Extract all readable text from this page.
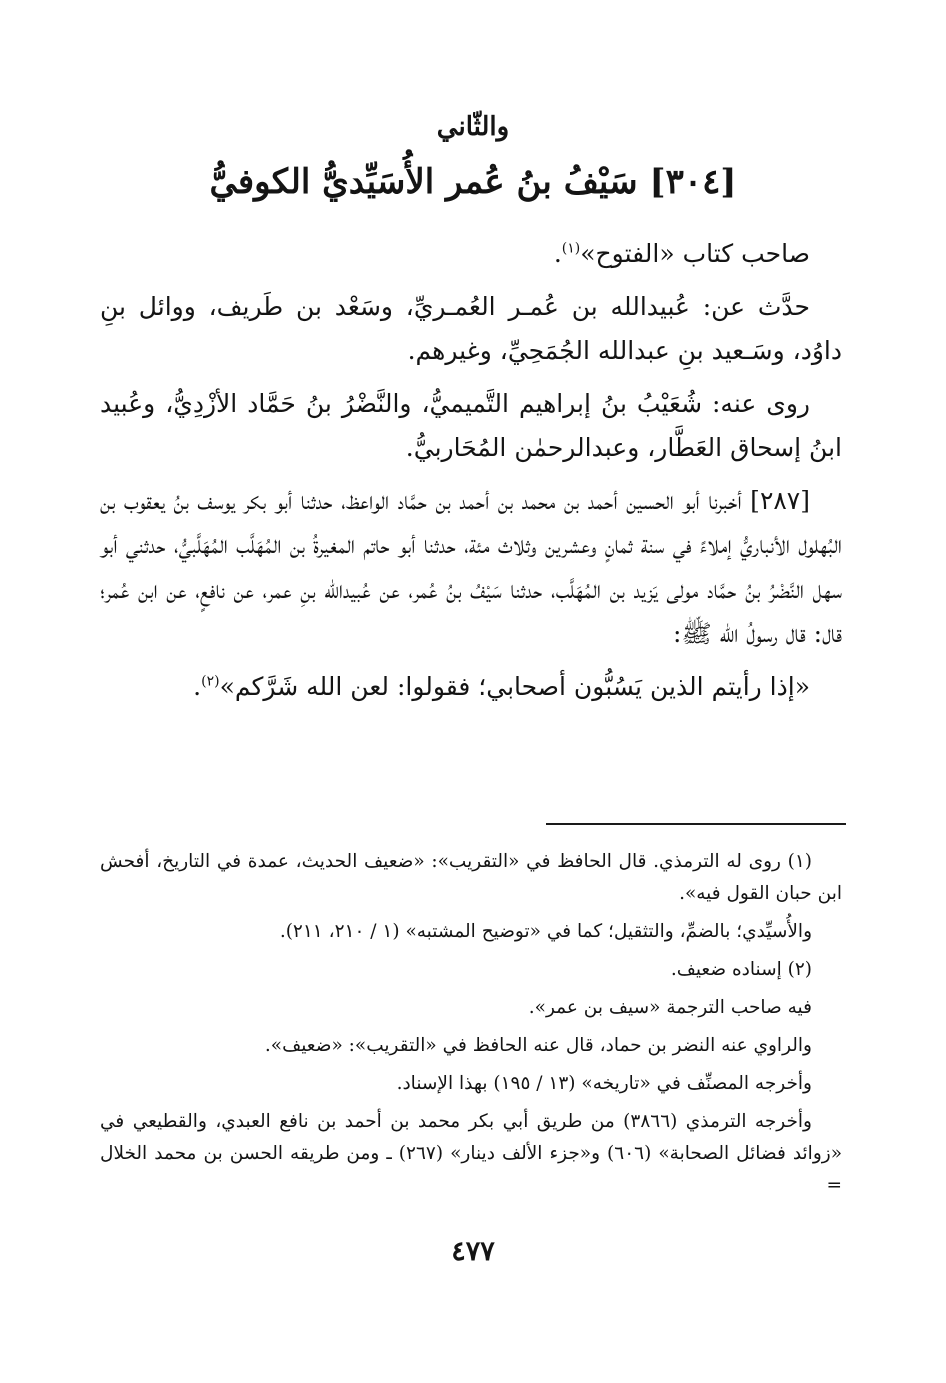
والثّاني
[٣٠٤] سَيْفُ بنُ عُمر الأُسَيِّديُّ الكوفيُّ

صاحب كتاب «الفتوح»$^{(١)}$.

حدَّث عن: عُبيدالله بن عُمـر العُمـريِّ، وسَعْد بن طَريف، ووائل بنِ داوُد، وسَـعيد بنِ عبدالله الجُمَحِيِّ، وغيرهم.

روى عنه: شُعَيْبُ بنُ إبراهيم التَّميميُّ، والنَّضْرُ بنُ حَمَّاد الأزْدِيُّ، وعُبيد ابنُ إسحاق العَطَّار، وعبدالرحمٰن المُحَاربيُّ.

[٢٨٧] أخبرنا أبو الحسين أحمد بن محمد بن أحمد بن حمَّاد الواعظ، حدثنا أبو بكر يوسف بنُ يعقوب بن البُهلول الأنباريُّ إملاءً في سنة ثمانٍ وعشرين وثلاث مئة، حدثنا أبو حاتم المغيرةُ بن المُهَلَّب المُهَلَّبيُّ، حدثني أبو سهل النَّضْرُ بنُ حمَّاد مولى يَزيد بن المُهَلَّب، حدثنا سَيْفُ بنُ عُمر، عن عُبيدالله بنِ عمر، عن نافعٍ، عن ابن عُمر؛ قال: قال رسولُ الله ﷺ:

«إذا رأيتم الذين يَسُبُّون أصحابي؛ فقولوا: لعن الله شَرَّكم»$^{(٢)}$.

(١) روى له الترمذي. قال الحافظ في «التقريب»: «ضعيف الحديث، عمدة في التاريخ، أفحش ابن حبان القول فيه».

والأُسيِّدي؛ بالضمِّ، والتثقيل؛ كما في «توضيح المشتبه» (١ / ٢١٠، ٢١١).

(٢) إسناده ضعيف.

فيه صاحب الترجمة «سيف بن عمر».

والراوي عنه النضر بن حماد، قال عنه الحافظ في «التقريب»: «ضعيف».

وأخرجه المصنِّف في «تاريخه» (١٣ / ١٩٥) بهذا الإسناد.

وأخرجه الترمذي (٣٨٦٦) من طريق أبي بكر محمد بن أحمد بن نافع العبدي، والقطيعي في «زوائد فضائل الصحابة» (٦٠٦) و«جزء الألف دينار» (٢٦٧) ـ ومن طريقه الحسن بن محمد الخلال =

٤٧٧
